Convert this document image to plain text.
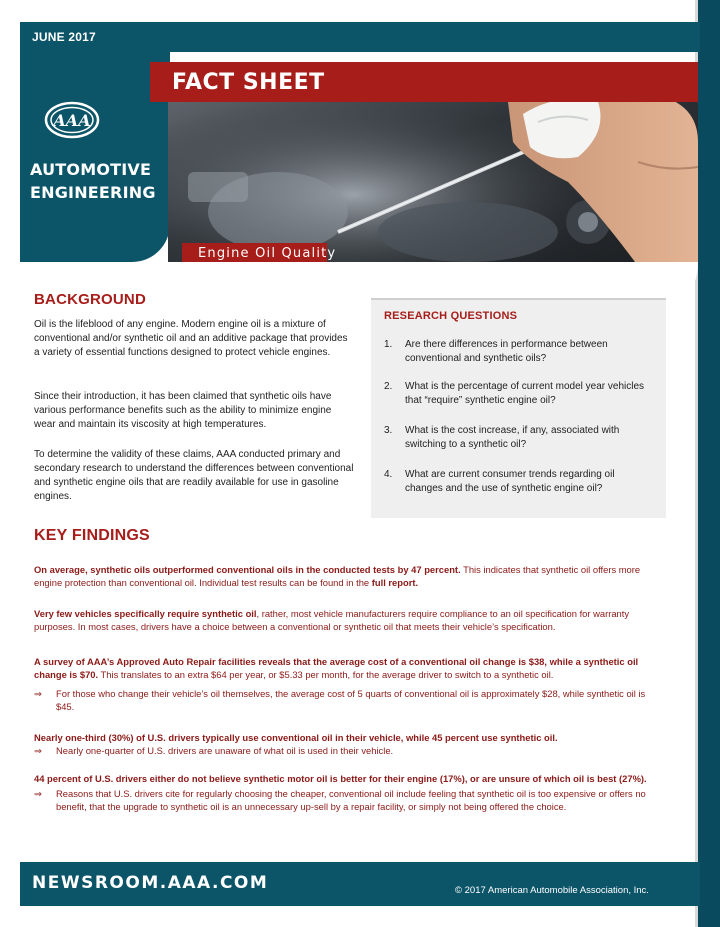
JUNE 2017
AAA
AUTOMOTIVE
ENGINEERING
FACT SHEET
Engine Oil Quality
BACKGROUND
Oil is the lifeblood of any engine. Modern engine oil is a mixture of conventional and/or synthetic oil and an additive package that provides a variety of essential functions designed to protect vehicle engines.
Since their introduction, it has been claimed that synthetic oils have various performance benefits such as the ability to minimize engine wear and maintain its viscosity at high temperatures.
To determine the validity of these claims, AAA conducted primary and secondary research to understand the differences between conventional and synthetic engine oils that are readily available for use in gasoline engines.
RESEARCH QUESTIONS
1.	Are there differences in performance between conventional and synthetic oils?
2.	What is the percentage of current model year vehicles that “require” synthetic engine oil?
3.	What is the cost increase, if any, associated with switching to a synthetic oil?
4.	What are current consumer trends regarding oil changes and the use of synthetic engine oil?
KEY FINDINGS
On average, synthetic oils outperformed conventional oils in the conducted tests by 47 percent. This indicates that synthetic oil offers more engine protection than conventional oil. Individual test results can be found in the full report.
Very few vehicles specifically require synthetic oil, rather, most vehicle manufacturers require compliance to an oil specification for warranty purposes. In most cases, drivers have a choice between a conventional or synthetic oil that meets their vehicle’s specification.
A survey of AAA’s Approved Auto Repair facilities reveals that the average cost of a conventional oil change is $38, while a synthetic oil change is $70. This translates to an extra $64 per year, or $5.33 per month, for the average driver to switch to a synthetic oil.
⇒	For those who change their vehicle’s oil themselves, the average cost of 5 quarts of conventional oil is approximately $28, while synthetic oil is $45.
Nearly one-third (30%) of U.S. drivers typically use conventional oil in their vehicle, while 45 percent use synthetic oil.
⇒	Nearly one-quarter of U.S. drivers are unaware of what oil is used in their vehicle.
44 percent of U.S. drivers either do not believe synthetic motor oil is better for their engine (17%), or are unsure of which oil is best (27%).
⇒	Reasons that U.S. drivers cite for regularly choosing the cheaper, conventional oil include feeling that synthetic oil is too expensive or offers no benefit, that the upgrade to synthetic oil is an unnecessary up-sell by a repair facility, or simply not being offered the choice.
NEWSROOM.AAA.COM	© 2017 American Automobile Association, Inc.
